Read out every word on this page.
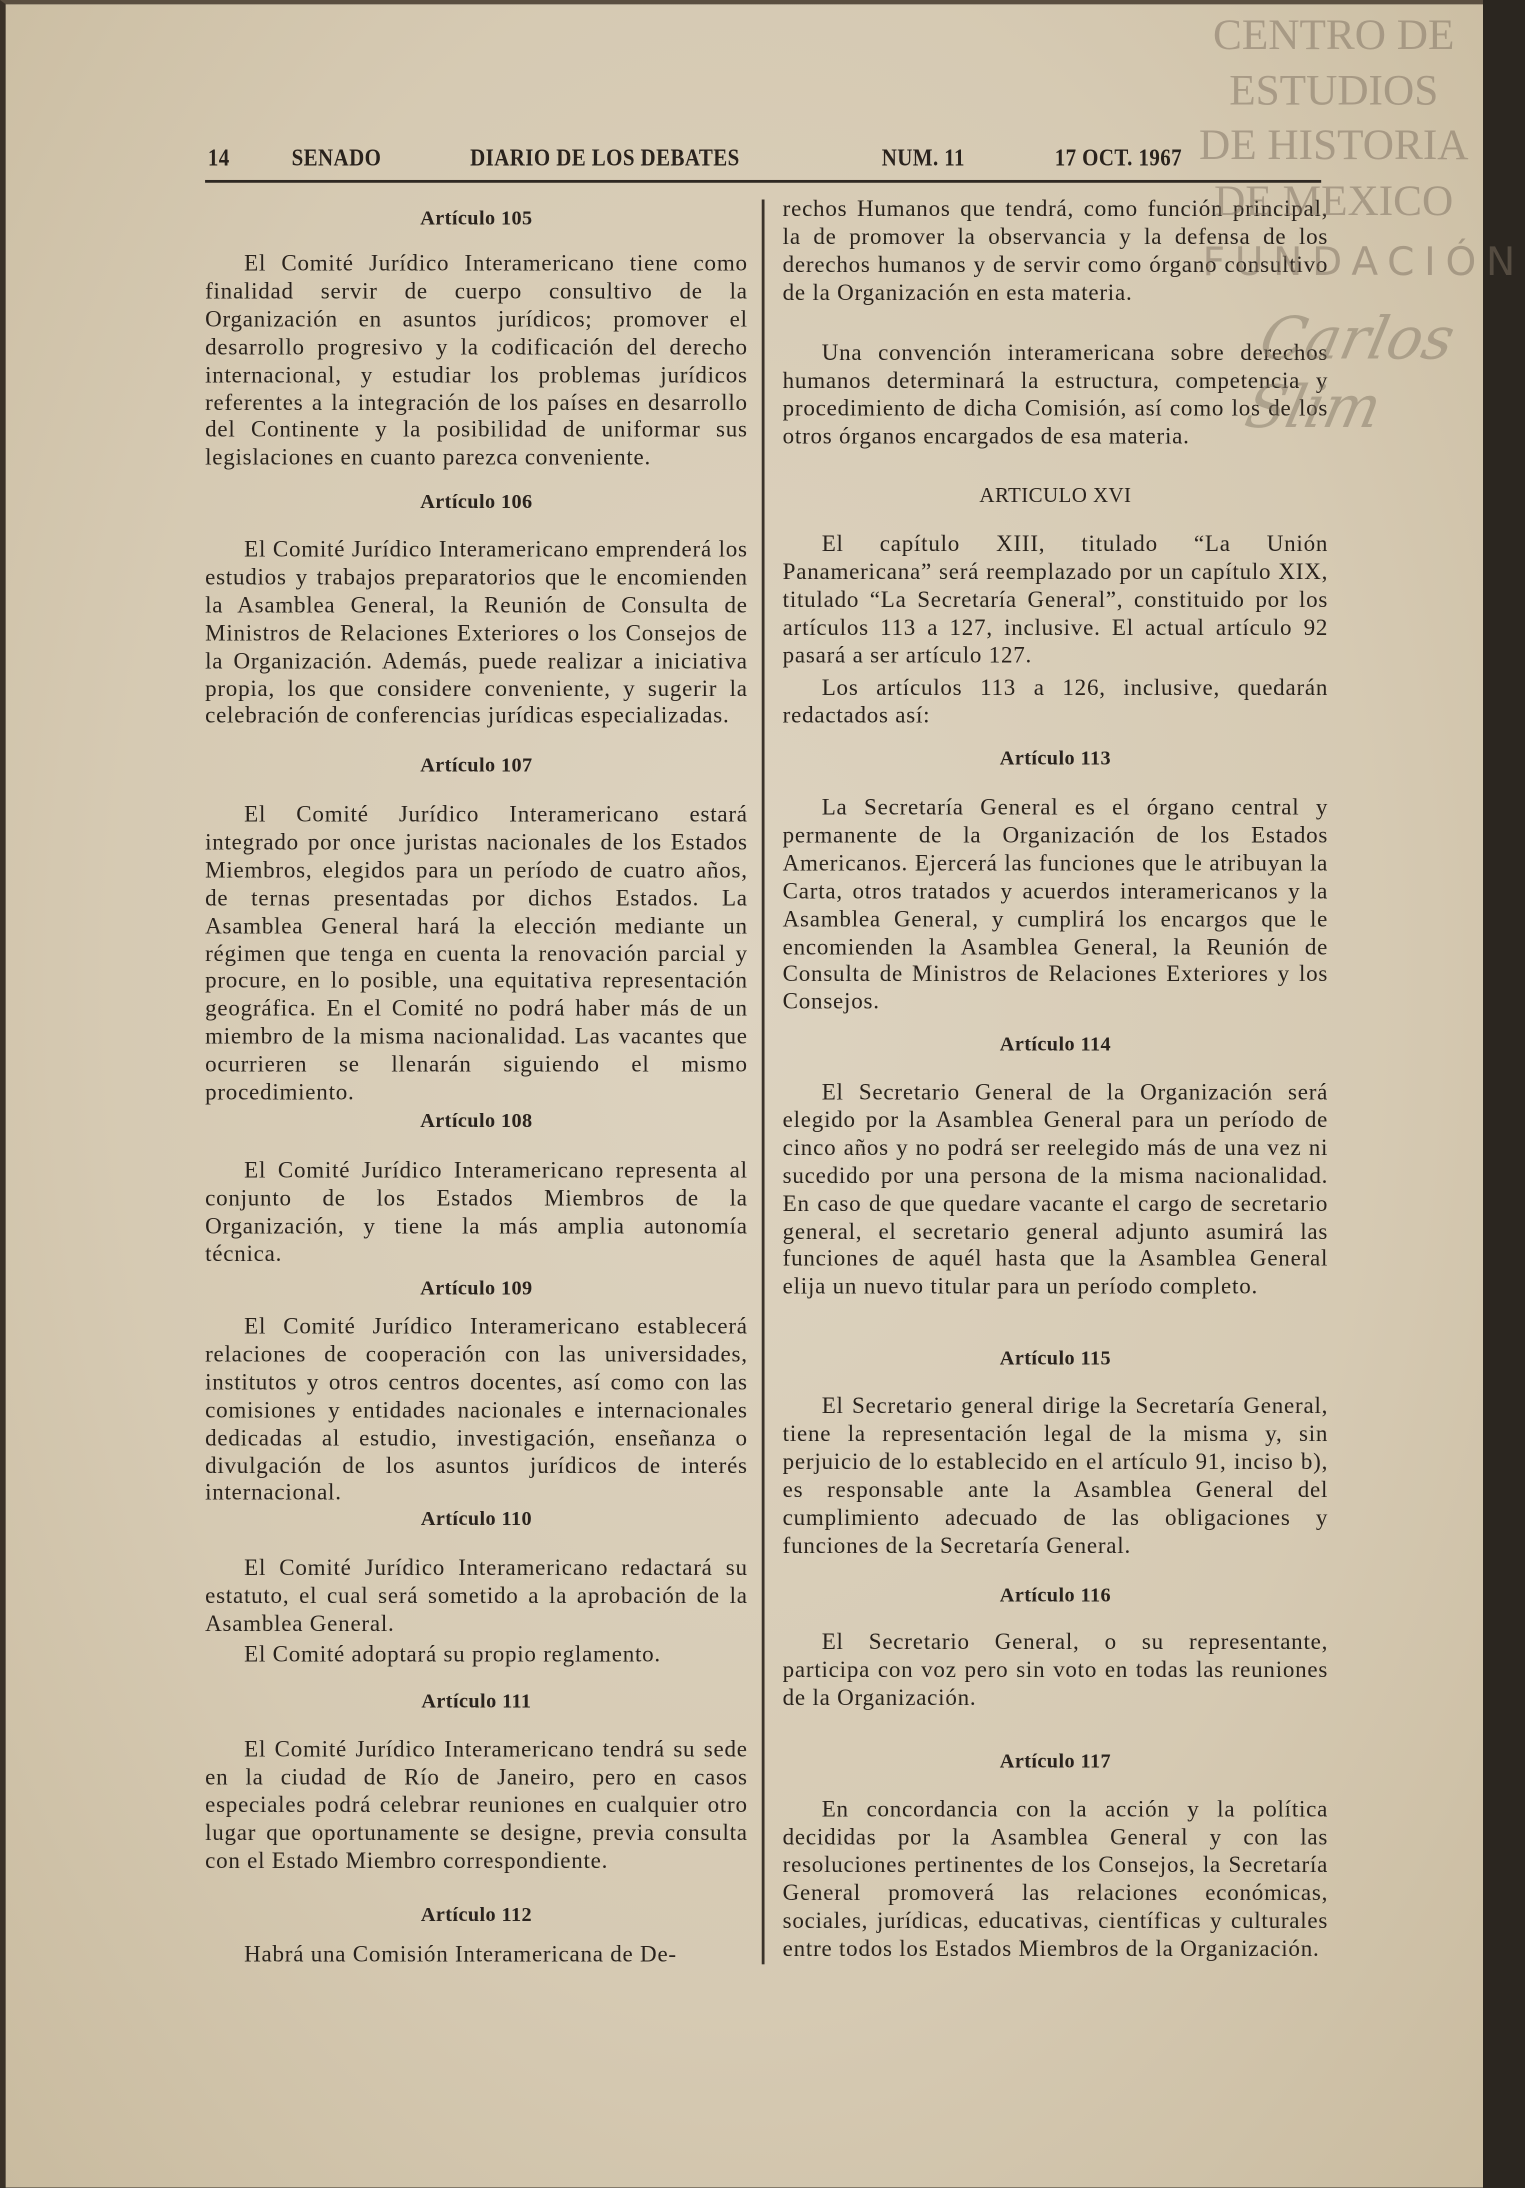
14	SENADO	DIARIO DE LOS DEBATES	NUM. 11	17 OCT. 1967
Artículo 105
El Comité Jurídico Interamericano tiene como finalidad servir de cuerpo consultivo de la Organización en asuntos jurídicos; promover el desarrollo progresivo y la codificación del derecho internacional, y estudiar los problemas jurídicos referentes a la integración de los países en desarrollo del Continente y la posibilidad de uniformar sus legislaciones en cuanto parezca conveniente.
Artículo 106
El Comité Jurídico Interamericano emprenderá los estudios y trabajos preparatorios que le encomienden la Asamblea General, la Reunión de Consulta de Ministros de Relaciones Exteriores o los Consejos de la Organización. Además, puede realizar a iniciativa propia, los que considere conveniente, y sugerir la celebración de conferencias jurídicas especializadas.
Artículo 107
El Comité Jurídico Interamericano estará integrado por once juristas nacionales de los Estados Miembros, elegidos para un período de cuatro años, de ternas presentadas por dichos Estados. La Asamblea General hará la elección mediante un régimen que tenga en cuenta la renovación parcial y procure, en lo posible, una equitativa representación geográfica. En el Comité no podrá haber más de un miembro de la misma nacionalidad. Las vacantes que ocurrieren se llenarán siguiendo el mismo procedimiento.
Artículo 108
El Comité Jurídico Interamericano representa al conjunto de los Estados Miembros de la Organización, y tiene la más amplia autonomía técnica.
Artículo 109
El Comité Jurídico Interamericano establecerá relaciones de cooperación con las universidades, institutos y otros centros docentes, así como con las comisiones y entidades nacionales e internacionales dedicadas al estudio, investigación, enseñanza o divulgación de los asuntos jurídicos de interés internacional.
Artículo 110
El Comité Jurídico Interamericano redactará su estatuto, el cual será sometido a la aprobación de la Asamblea General.
El Comité adoptará su propio reglamento.
Artículo 111
El Comité Jurídico Interamericano tendrá su sede en la ciudad de Río de Janeiro, pero en casos especiales podrá celebrar reuniones en cualquier otro lugar que oportunamente se designe, previa consulta con el Estado Miembro correspondiente.
Artículo 112
Habrá una Comisión Interamericana de De-
rechos Humanos que tendrá, como función principal, la de promover la observancia y la defensa de los derechos humanos y de servir como órgano consultivo de la Organización en esta materia.
Una convención interamericana sobre derechos humanos determinará la estructura, competencia y procedimiento de dicha Comisión, así como los de los otros órganos encargados de esa materia.
ARTICULO XVI
El capítulo XIII, titulado “La Unión Panamericana” será reemplazado por un capítulo XIX, titulado “La Secretaría General”, constituido por los artículos 113 a 127, inclusive. El actual artículo 92 pasará a ser artículo 127.
Los artículos 113 a 126, inclusive, quedarán redactados así:
Artículo 113
La Secretaría General es el órgano central y permanente de la Organización de los Estados Americanos. Ejercerá las funciones que le atribuyan la Carta, otros tratados y acuerdos interamericanos y la Asamblea General, y cumplirá los encargos que le encomienden la Asamblea General, la Reunión de Consulta de Ministros de Relaciones Exteriores y los Consejos.
Artículo 114
El Secretario General de la Organización será elegido por la Asamblea General para un período de cinco años y no podrá ser reelegido más de una vez ni sucedido por una persona de la misma nacionalidad. En caso de que quedare vacante el cargo de secretario general, el secretario general adjunto asumirá las funciones de aquél hasta que la Asamblea General elija un nuevo titular para un período completo.
Artículo 115
El Secretario general dirige la Secretaría General, tiene la representación legal de la misma y, sin perjuicio de lo establecido en el artículo 91, inciso b), es responsable ante la Asamblea General del cumplimiento adecuado de las obligaciones y funciones de la Secretaría General.
Artículo 116
El Secretario General, o su representante, participa con voz pero sin voto en todas las reuniones de la Organización.
Artículo 117
En concordancia con la acción y la política decididas por la Asamblea General y con las resoluciones pertinentes de los Consejos, la Secretaría General promoverá las relaciones económicas, sociales, jurídicas, educativas, científicas y culturales entre todos los Estados Miembros de la Organización.
CENTRO DE
ESTUDIOS
DE HISTORIA
DE MEXICO
FUNDACIÓN
Carlos Slim
